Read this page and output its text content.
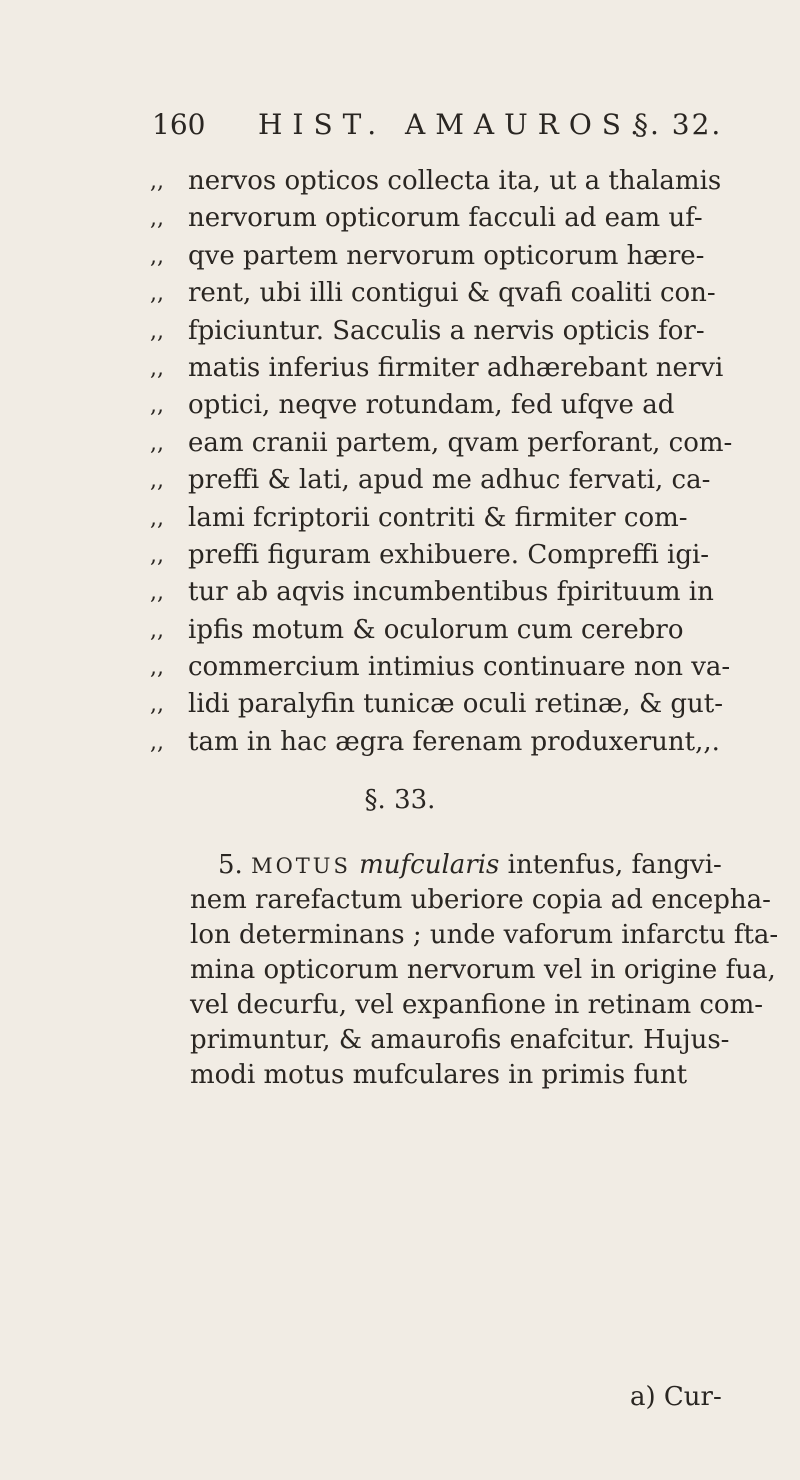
160 HIST. AMAUROS.
§. 32.
,, nervos opticos collecta ita, ut a thalamis
,, nervorum opticorum facculi ad eam uf-
,, qve partem nervorum opticorum hære-
,, rent, ubi illi contigui & qvafi coaliti con-
,, fpiciuntur. Sacculis a nervis opticis for-
,, matis inferius firmiter adhærebant nervi
,, optici, neqve rotundam, fed ufqve ad
,, eam cranii partem, qvam perforant, com-
,, preffi & lati, apud me adhuc fervati, ca-
,, lami fcriptorii contriti & firmiter com-
,, preffi figuram exhibuere. Compreffi igi-
,, tur ab aqvis incumbentibus fpirituum in
,, ipfis motum & oculorum cum cerebro
,, commercium intimius continuare non va-
,, lidi paralyfin tunicæ oculi retinæ, & gut-
,, tam in hac ægra ferenam produxerunt,,.
§. 33.
5. MOTUS mufcularis intenfus, fangvi-
nem rarefactum uberiore copia ad encepha-
lon determinans ; unde vaforum infarctu fta-
mina opticorum nervorum vel in origine fua,
vel decurfu, vel expanfione in retinam com-
primuntur, & amaurofis enafcitur. Hujus-
modi motus mufculares in primis funt
a) Cur-
